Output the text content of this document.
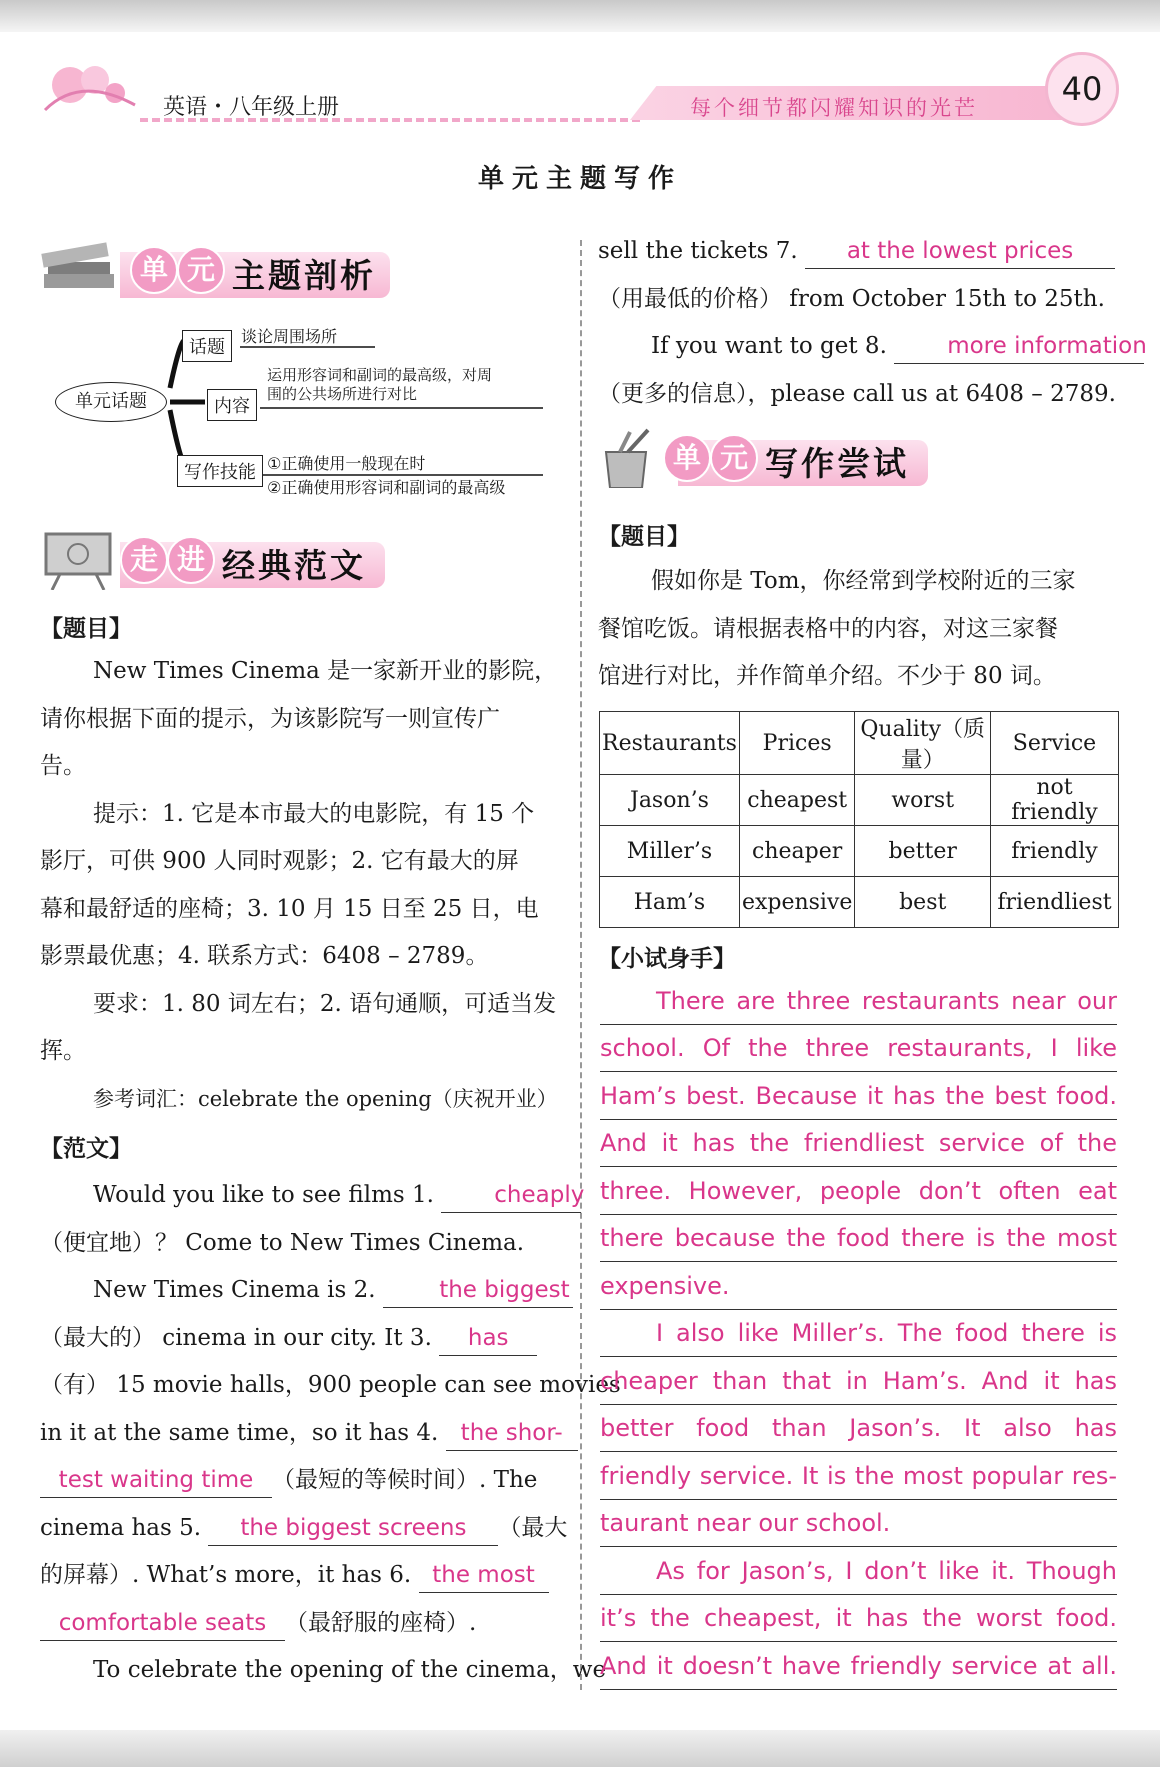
英语・八年级上册	每个细节都闪耀知识的光芒	40
单元主题写作
单 元 主题剖析
单元话题
话题
谈论周围场所
内容
运用形容词和副词的最高级，对周
围的公共场所进行对比
写作技能 ①正确使用一般现在时
②正确使用形容词和副词的最高级
走 进 经典范文
【题目】
New Times Cinema 是一家新开业的影院，
请你根据下面的提示，为该影院写一则宣传广
告。
提示：1. 它是本市最大的电影院，有 15 个
影厅，可供 900 人同时观影；2. 它有最大的屏
幕和最舒适的座椅；3. 10 月 15 日至 25 日，电
影票最优惠；4. 联系方式：6408 – 2789。
要求：1. 80 词左右；2. 语句通顺，可适当发
挥。
参考词汇：celebrate the opening（庆祝开业）
【范文】
Would you like to see films 1.	cheaply
（便宜地）？ Come to New Times Cinema.
New Times Cinema is 2.	the biggest
（最大的） cinema in our city. It 3. has
（有） 15 movie halls，900 people can see movies
in it at the same time，so it has 4. the shor-
test waiting time （最短的等候时间）. The
cinema has 5. the biggest screens （最大
的屏幕）. What’s more，it has 6. the most
comfortable seats （最舒服的座椅）.
To celebrate the opening of the cinema，we
sell the tickets 7. at the lowest prices
（用最低的价格） from October 15th to 25th.
If you want to get 8.	more information
（更多的信息），please call us at 6408 – 2789.
单 元 写作尝试
【题目】
假如你是 Tom，你经常到学校附近的三家
餐馆吃饭。请根据表格中的内容，对这三家餐
馆进行对比，并作简单介绍。不少于 80 词。
Restaurants	Prices	Quality（质量）	Service
Jason’s	cheapest	worst	not friendly
Miller’s	cheaper	better	friendly
Ham’s	expensive	best	friendliest
【小试身手】
There are three restaurants near our
school. Of the three restaurants, I like
Ham’s best. Because it has the best food.
And it has the friendliest service of the
three. However, people don’t often eat
there because the food there is the most
expensive.
I also like Miller’s. The food there is
cheaper than that in Ham’s. And it has
better food than Jason’s. It also has
friendly service. It is the most popular res-
taurant near our school.
As for Jason’s, I don’t like it. Though
it’s the cheapest, it has the worst food.
And it doesn’t have friendly service at all.
